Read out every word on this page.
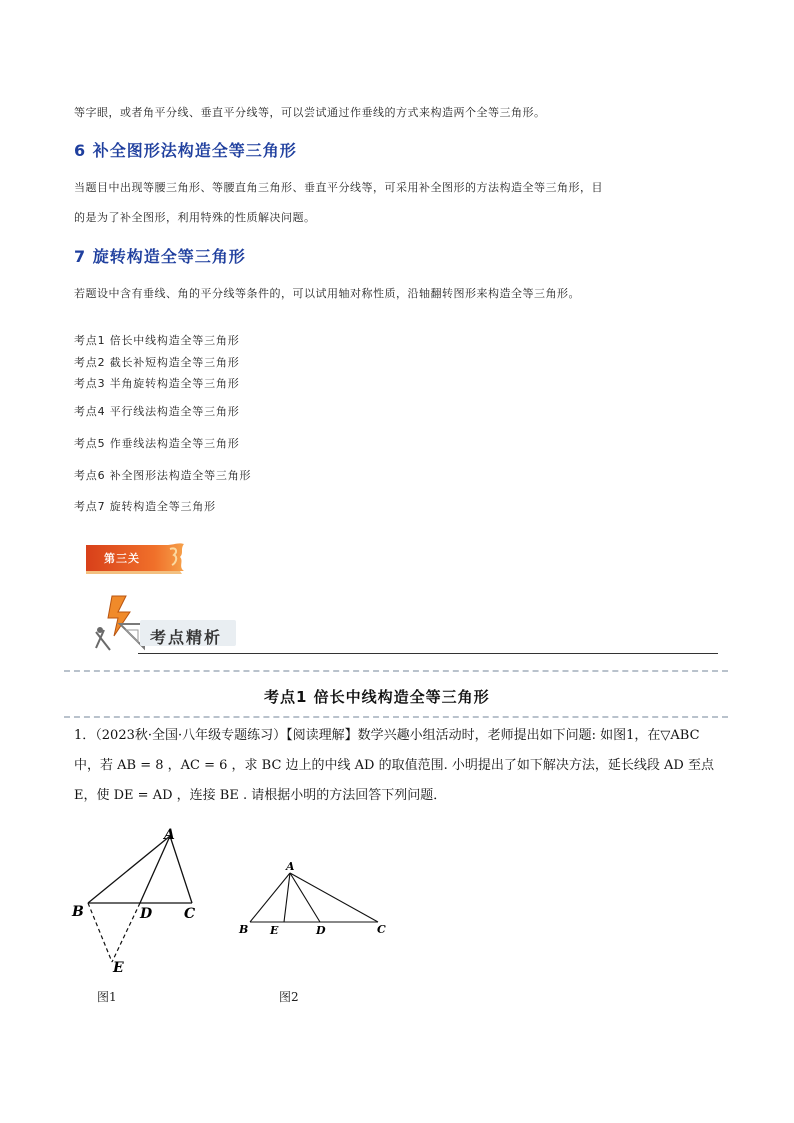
等字眼，或者角平分线、垂直平分线等，可以尝试通过作垂线的方式来构造两个全等三角形。
6 补全图形法构造全等三角形
当题目中出现等腰三角形、等腰直角三角形、垂直平分线等，可采用补全图形的方法构造全等三角形，目
的是为了补全图形，利用特殊的性质解决问题。
7 旋转构造全等三角形
若题设中含有垂线、角的平分线等条件的，可以试用轴对称性质，沿轴翻转图形来构造全等三角形。
考点1 倍长中线构造全等三角形
考点2 截长补短构造全等三角形
考点3 半角旋转构造全等三角形
考点4 平行线法构造全等三角形
考点5 作垂线法构造全等三角形
考点6 补全图形法构造全等三角形
考点7 旋转构造全等三角形
第三关
考点精析
考点1 倍长中线构造全等三角形
1．（2023秋·全国·八年级专题练习）【阅读理解】数学兴趣小组活动时，老师提出如下问题: 如图1，在▽ABC
中，若 AB = 8 ，AC = 6 ，求 BC 边上的中线 AD 的取值范围. 小明提出了如下解决方法，延长线段 AD 至点
E，使 DE = AD ，连接 BE . 请根据小明的方法回答下列问题．
A
B	C
D
E
图1
A
B E	D	C
图2
